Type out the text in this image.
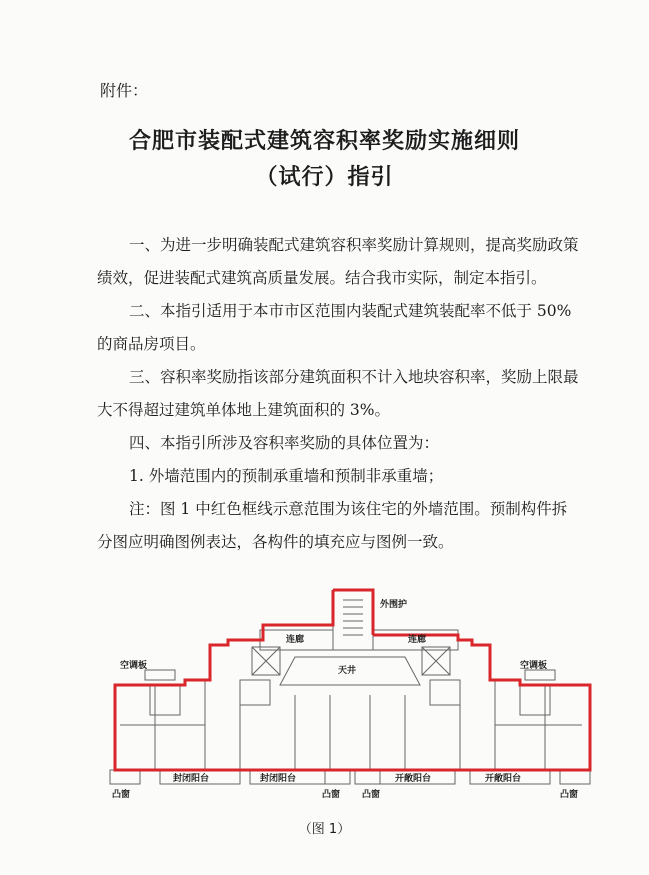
附件：
合肥市装配式建筑容积率奖励实施细则
（试行）指引

一、为进一步明确装配式建筑容积率奖励计算规则，提高奖励政策绩效，促进装配式建筑高质量发展。结合我市实际，制定本指引。

二、本指引适用于本市市区范围内装配式建筑装配率不低于 50%的商品房项目。

三、容积率奖励指该部分建筑面积不计入地块容积率，奖励上限最大不得超过建筑单体地上建筑面积的 3%。

四、本指引所涉及容积率奖励的具体位置为：

1. 外墙范围内的预制承重墙和预制非承重墙；

注：图 1 中红色框线示意范围为该住宅的外墙范围。预制构件拆分图应明确图例表达，各构件的填充应与图例一致。

外围护
连廊	连廊
天井
空调板	空调板
封闭阳台	封闭阳台	开敞阳台	开敞阳台
凸窗	凸窗 凸窗	凸窗
（图 1）
